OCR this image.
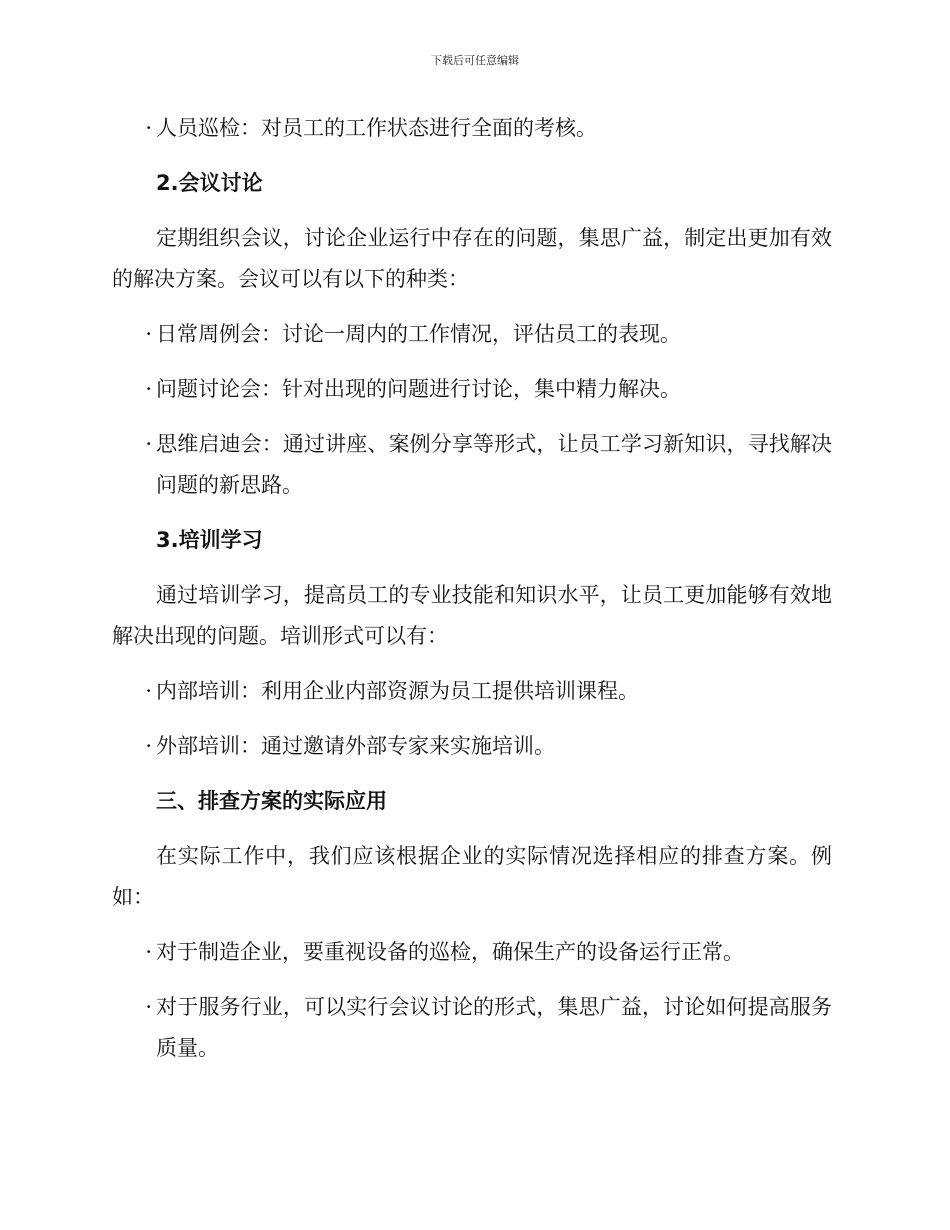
下载后可任意编辑

· 人员巡检：对员工的工作状态进行全面的考核。

2.会议讨论

定期组织会议，讨论企业运行中存在的问题，集思广益，制定出更加有效的解决方案。会议可以有以下的种类：

· 日常周例会：讨论一周内的工作情况，评估员工的表现。

· 问题讨论会：针对出现的问题进行讨论，集中精力解决。

· 思维启迪会：通过讲座、案例分享等形式，让员工学习新知识，寻找解决问题的新思路。

3.培训学习

通过培训学习，提高员工的专业技能和知识水平，让员工更加能够有效地解决出现的问题。培训形式可以有：

· 内部培训：利用企业内部资源为员工提供培训课程。

· 外部培训：通过邀请外部专家来实施培训。

三、排查方案的实际应用

在实际工作中，我们应该根据企业的实际情况选择相应的排查方案。例如：

· 对于制造企业，要重视设备的巡检，确保生产的设备运行正常。

· 对于服务行业，可以实行会议讨论的形式，集思广益，讨论如何提高服务质量。
